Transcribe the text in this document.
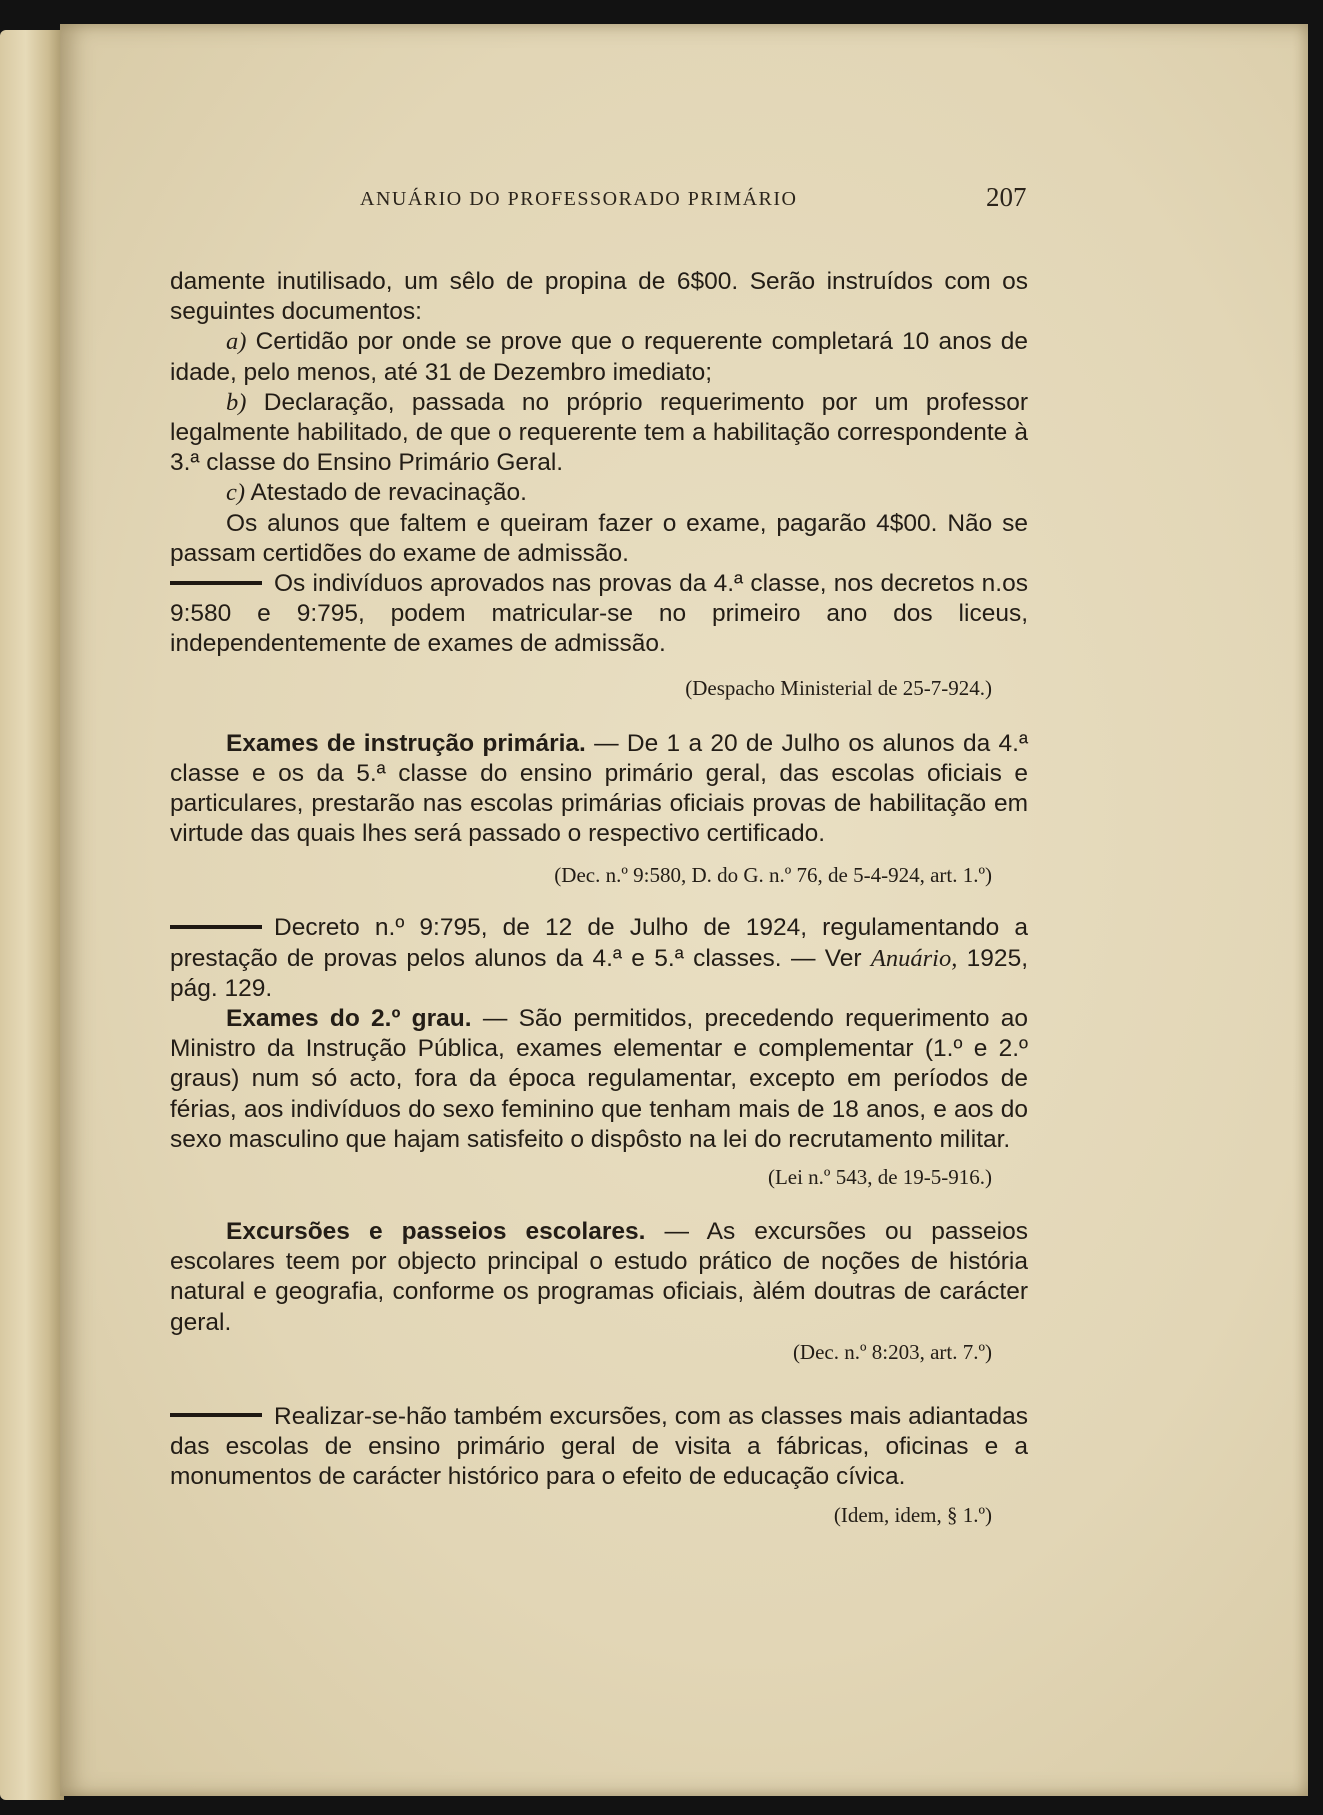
ANUÁRIO DO PROFESSORADO PRIMÁRIO	207

damente inutilisado, um sêlo de propina de 6$00. Serão instruídos com os seguintes documentos:

a) Certidão por onde se prove que o requerente completará 10 anos de idade, pelo menos, até 31 de Dezembro imediato;

b) Declaração, passada no próprio requerimento por um professor legalmente habilitado, de que o requerente tem a habilitação correspondente à 3.ª classe do Ensino Primário Geral.

c) Atestado de revacinação.

Os alunos que faltem e queiram fazer o exame, pagarão 4$00. Não se passam certidões do exame de admissão.

Os indivíduos aprovados nas provas da 4.ª classe, nos decretos n.os 9:580 e 9:795, podem matricular-se no primeiro ano dos liceus, independentemente de exames de admissão.

(Despacho Ministerial de 25-7-924.)

Exames de instrução primária. — De 1 a 20 de Julho os alunos da 4.ª classe e os da 5.ª classe do ensino primário geral, das escolas oficiais e particulares, prestarão nas escolas primárias oficiais provas de habilitação em virtude das quais lhes será passado o respectivo certificado.

(Dec. n.º 9:580, D. do G. n.º 76, de 5-4-924, art. 1.º)

Decreto n.º 9:795, de 12 de Julho de 1924, regulamentando a prestação de provas pelos alunos da 4.ª e 5.ª classes. — Ver Anuário, 1925, pág. 129.

Exames do 2.º grau. — São permitidos, precedendo requerimento ao Ministro da Instrução Pública, exames elementar e complementar (1.º e 2.º graus) num só acto, fora da época regulamentar, excepto em períodos de férias, aos indivíduos do sexo feminino que tenham mais de 18 anos, e aos do sexo masculino que hajam satisfeito o dispôsto na lei do recrutamento militar.

(Lei n.º 543, de 19-5-916.)

Excursões e passeios escolares. — As excursões ou passeios escolares teem por objecto principal o estudo prático de noções de história natural e geografia, conforme os programas oficiais, àlém doutras de carácter geral.

(Dec. n.º 8:203, art. 7.º)

Realizar-se-hão também excursões, com as classes mais adiantadas das escolas de ensino primário geral de visita a fábricas, oficinas e a monumentos de carácter histórico para o efeito de educação cívica.

(Idem, idem, § 1.º)
